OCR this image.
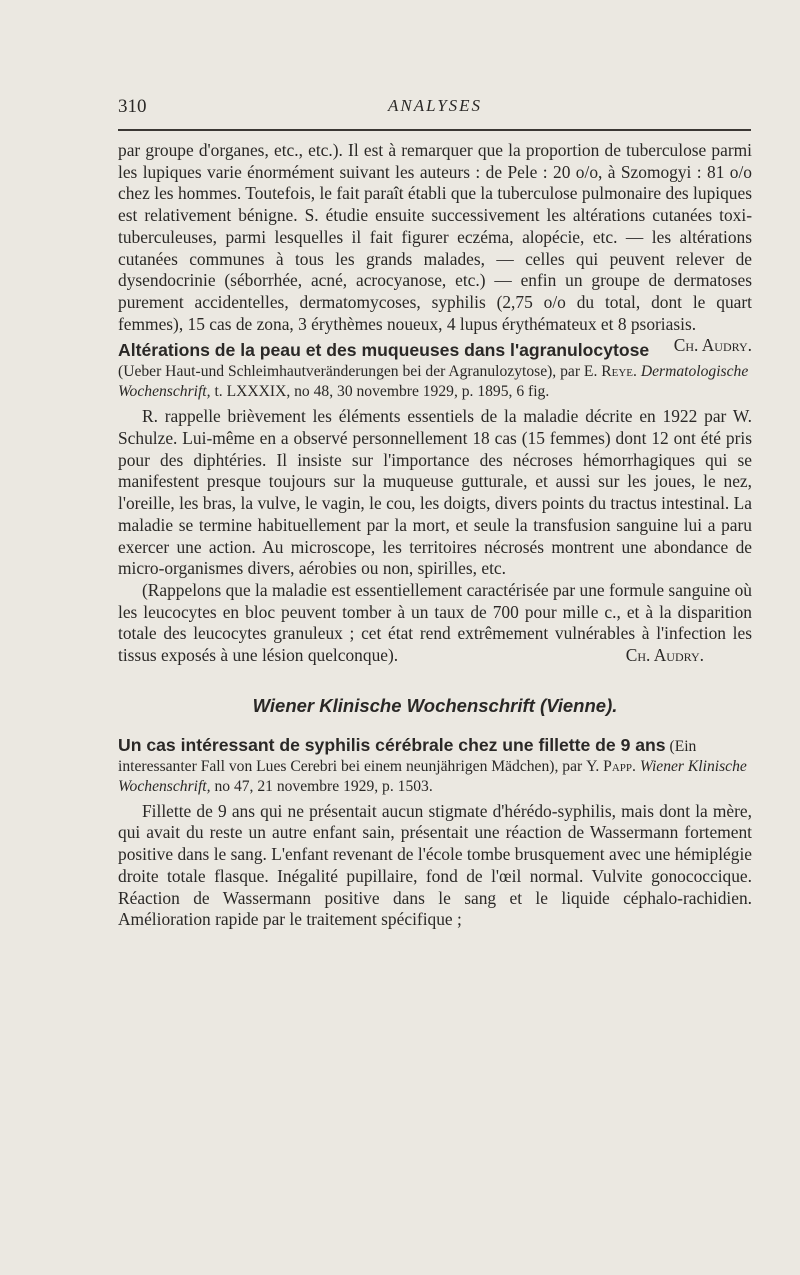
310	ANALYSES

par groupe d'organes, etc., etc.). Il est à remarquer que la proportion de tuberculose parmi les lupiques varie énormément suivant les auteurs : de Pele : 20 o/o, à Szomogyi : 81 o/o chez les hommes. Toutefois, le fait paraît établi que la tuberculose pulmonaire des lupiques est relativement bénigne. S. étudie ensuite successivement les altérations cutanées toxi-tuberculeuses, parmi lesquelles il fait figurer eczéma, alopécie, etc. — les altérations cutanées communes à tous les grands malades, — celles qui peuvent relever de dysendocrinie (séborrhée, acné, acrocyanose, etc.) — enfin un groupe de dermatoses purement accidentelles, dermatomycoses, syphilis (2,75 o/o du total, dont le quart femmes), 15 cas de zona, 3 érythèmes noueux, 4 lupus érythémateux et 8 psoriasis.
Ch. Audry.

Altérations de la peau et des muqueuses dans l'agranulocytose (Ueber Haut-und Schleimhautveränderungen bei der Agranulozytose), par E. Reye. Dermatologische Wochenschrift, t. LXXXIX, no 48, 30 novembre 1929, p. 1895, 6 fig.

R. rappelle brièvement les éléments essentiels de la maladie décrite en 1922 par W. Schulze. Lui-même en a observé personnellement 18 cas (15 femmes) dont 12 ont été pris pour des diphtéries. Il insiste sur l'importance des nécroses hémorrhagiques qui se manifestent presque toujours sur la muqueuse gutturale, et aussi sur les joues, le nez, l'oreille, les bras, la vulve, le vagin, le cou, les doigts, divers points du tractus intestinal. La maladie se termine habituellement par la mort, et seule la transfusion sanguine lui a paru exercer une action. Au microscope, les territoires nécrosés montrent une abondance de micro-organismes divers, aérobies ou non, spirilles, etc.

(Rappelons que la maladie est essentiellement caractérisée par une formule sanguine où les leucocytes en bloc peuvent tomber à un taux de 700 pour mille c., et à la disparition totale des leucocytes granuleux ; cet état rend extrêmement vulnérables à l'infection les tissus exposés à une lésion quelconque).	Ch. Audry.

Wiener Klinische Wochenschrift (Vienne).

Un cas intéressant de syphilis cérébrale chez une fillette de 9 ans (Ein interessanter Fall von Lues Cerebri bei einem neunjährigen Mädchen), par Y. Papp. Wiener Klinische Wochenschrift, no 47, 21 novembre 1929, p. 1503.

Fillette de 9 ans qui ne présentait aucun stigmate d'hérédo-syphilis, mais dont la mère, qui avait du reste un autre enfant sain, présentait une réaction de Wassermann fortement positive dans le sang. L'enfant revenant de l'école tombe brusquement avec une hémiplégie droite totale flasque. Inégalité pupillaire, fond de l'œil normal. Vulvite gonococcique. Réaction de Wassermann positive dans le sang et le liquide céphalo-rachidien. Amélioration rapide par le traitement spécifique ;
